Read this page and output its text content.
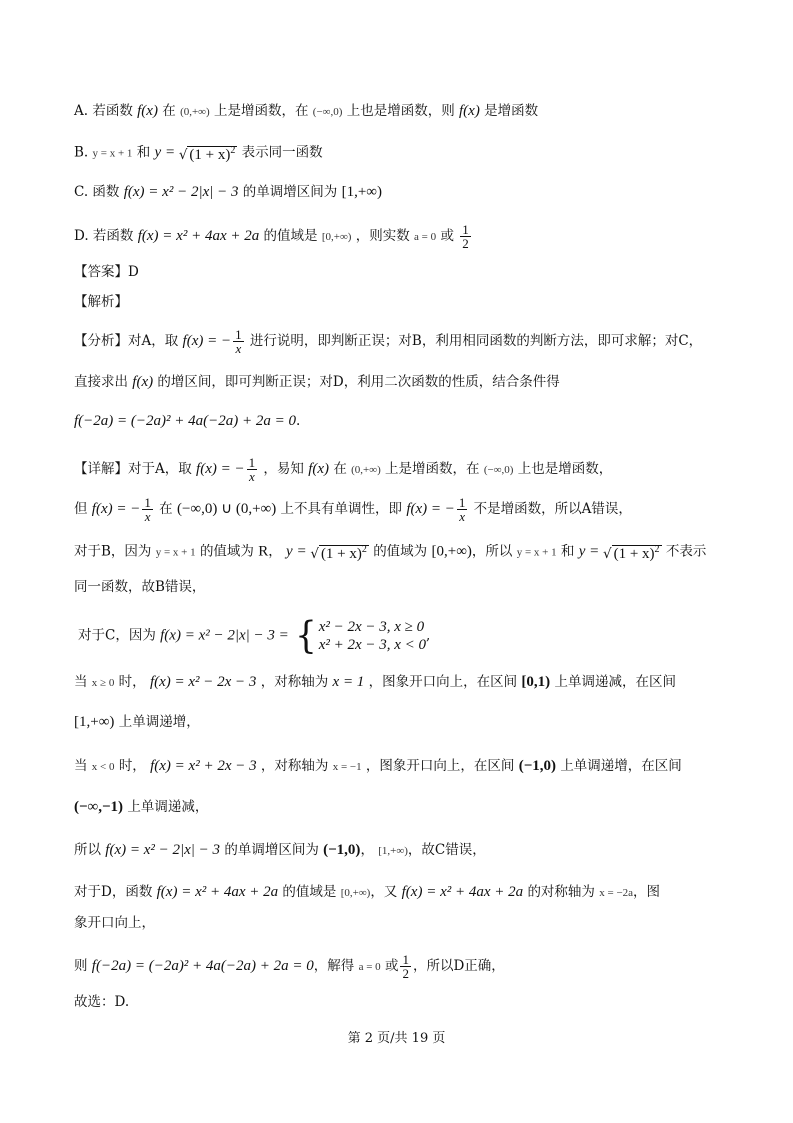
A. 若函数 f(x) 在 (0,+∞) 上是增函数，在 (−∞,0) 上也是增函数，则 f(x) 是增函数
B. y = x + 1 和 y = √ $(1 + x)^2$ 表示同一函数
C. 函数 f(x) = x² − 2|x| − 3 的单调增区间为 [1,+∞)
D. 若函数 f(x) = x² + 4ax + 2a 的值域是 [0,+∞) ，则实数 a = 0 或 $\frac{1}{2}$
【答案】D
【解析】
【分析】对A，取 f(x) = − $\frac{1}{x}$ 进行说明，即判断正误；对B，利用相同函数的判断方法，即可求解；对C，
直接求出 f(x) 的增区间，即可判断正误；对D，利用二次函数的性质，结合条件得
f(−2a) = (−2a)² + 4a(−2a) + 2a = 0.
【详解】对于A，取 f(x) = − $\frac{1}{x}$ ，易知 f(x) 在 (0,+∞) 上是增函数，在 (−∞,0) 上也是增函数，
但 f(x) = − $\frac{1}{x}$ 在 (−∞,0) ∪ (0,+∞) 上不具有单调性，即 f(x) = − $\frac{1}{x}$ 不是增函数，所以A错误，
对于B，因为 y = x + 1 的值域为 R， y = √ $(1 + x)^2$ 的值域为 [0,+∞)，所以 y = x + 1 和 y = √ $(1 + x)^2$ 不表示
同一函数，故B错误，
对于C，因为 f(x) = x² − 2|x| − 3 = { x² − 2x − 3, x ≥ 0
x² + 2x − 3, x < 0
,
当 x ≥ 0 时， f(x) = x² − 2x − 3 ，对称轴为 x = 1 ，图象开口向上，在区间 [0,1) 上单调递减，在区间
[1,+∞) 上单调递增，
当 x < 0 时， f(x) = x² + 2x − 3 ，对称轴为 x = −1 ，图象开口向上，在区间 (−1,0) 上单调递增，在区间
(−∞,−1) 上单调递减，
所以 f(x) = x² − 2|x| − 3 的单调增区间为 (−1,0)， [1,+∞)，故C错误，
对于D，函数 f(x) = x² + 4ax + 2a 的值域是 [0,+∞)，又 f(x) = x² + 4ax + 2a 的对称轴为 x = −2a，图
象开口向上，
则 f(−2a) = (−2a)² + 4a(−2a) + 2a = 0，解得 a = 0 或 $\frac{1}{2}$ ，所以D正确，
故选：D.
第 2 页/共 19 页
